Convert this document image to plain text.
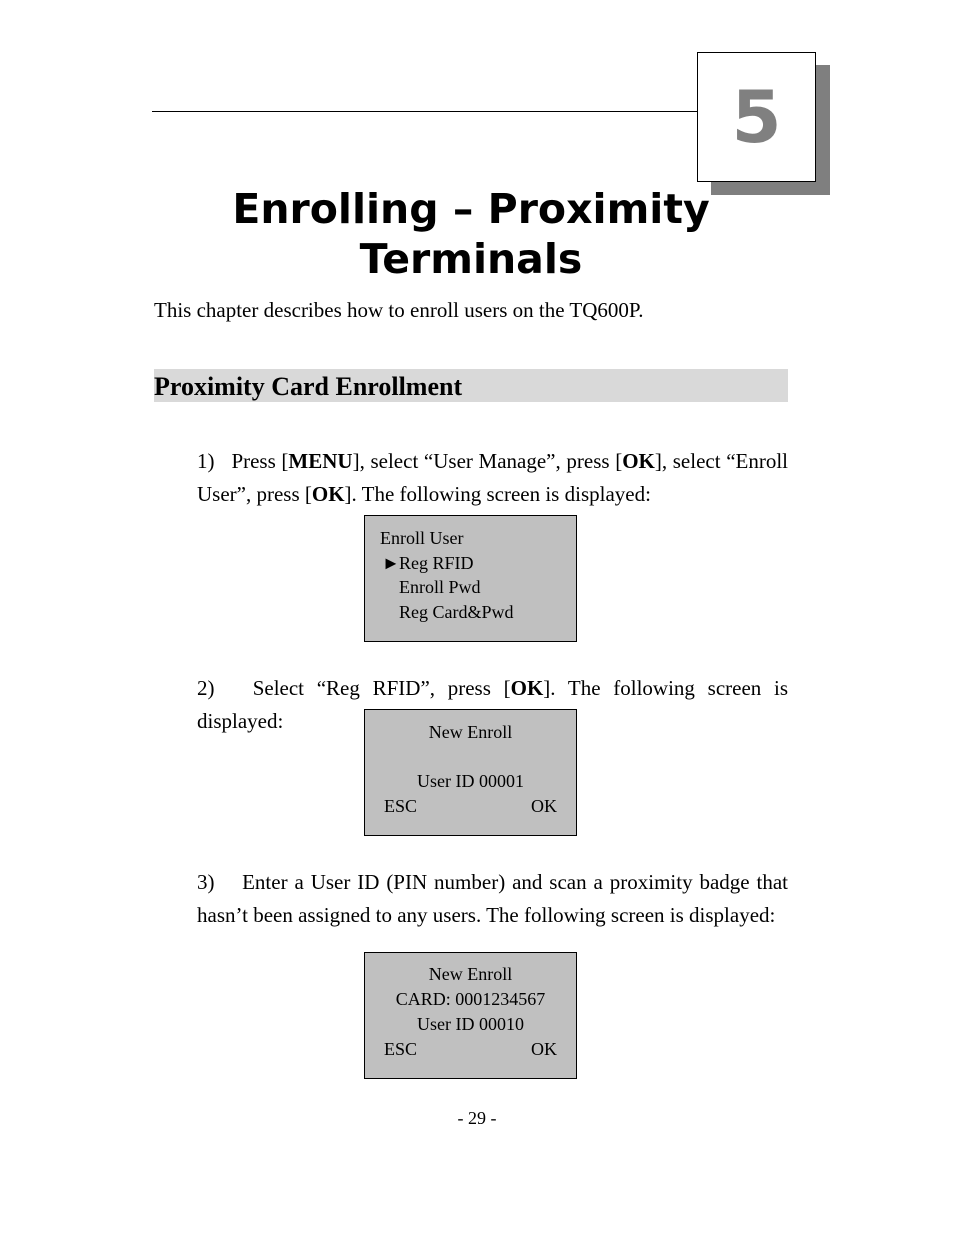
5
Enrolling – Proximity
Terminals
This chapter describes how to enroll users on the TQ600P.
Proximity Card Enrollment
1) Press [MENU], select “User Manage”, press [OK], select “Enroll User”, press [OK]. The following screen is displayed:
Enroll User
► Reg RFID
Enroll Pwd
Reg Card&Pwd
2) Select “Reg RFID”, press [OK]. The following screen is displayed:	New Enroll
User ID 00001
ESC	OK
3) Enter a User ID (PIN number) and scan a proximity badge that hasn’t been assigned to any users. The following screen is displayed:
New Enroll
CARD: 0001234567
User ID 00010
ESC	OK
- 29 -
